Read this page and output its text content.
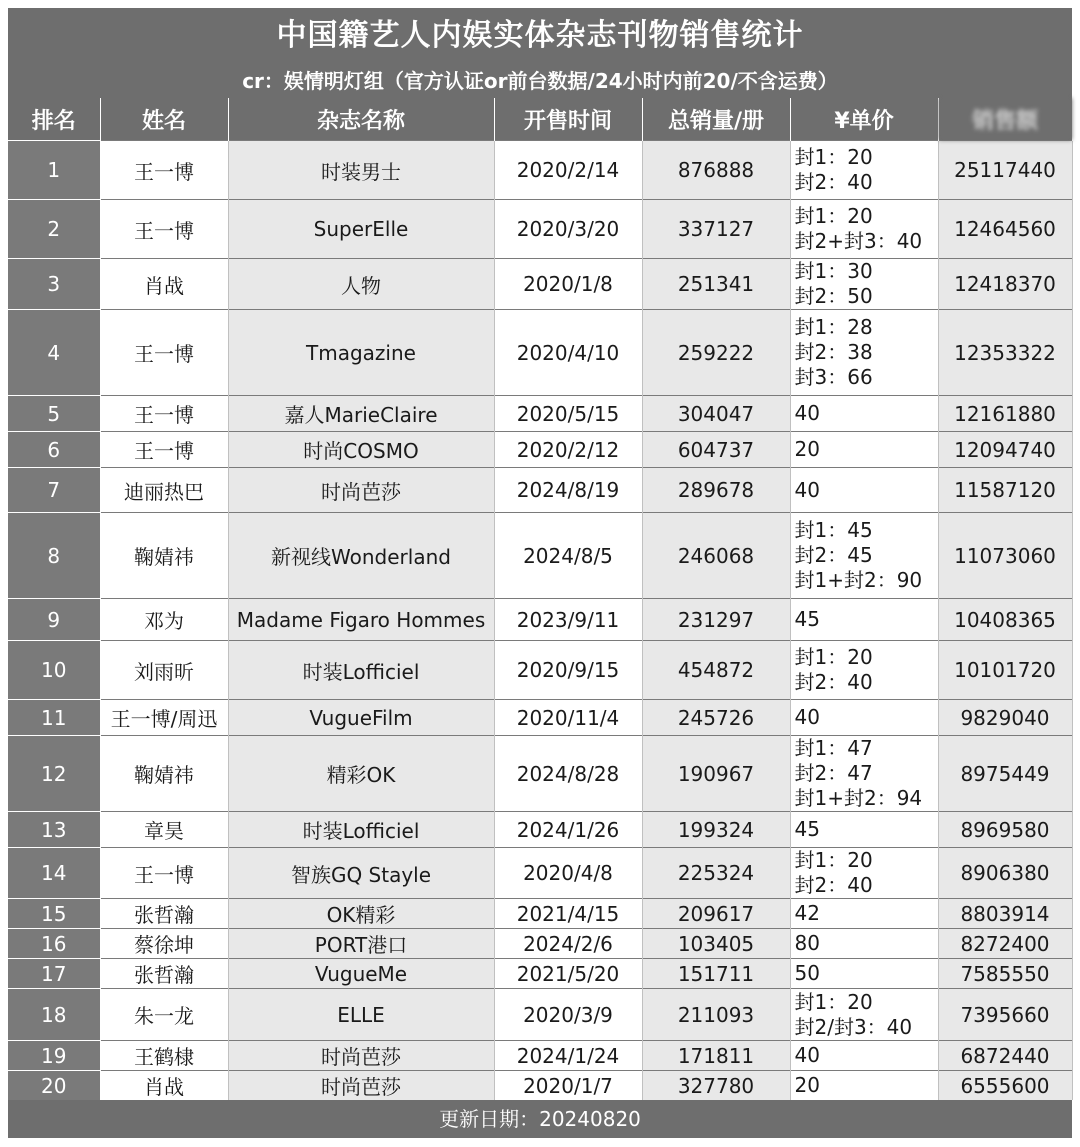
中国籍艺人内娱实体杂志刊物销售统计
cr：娱情明灯组（官方认证or前台数据/24小时内前20/不含运费）
排名	姓名	杂志名称	开售时间	总销量/册	¥单价	销售额
1	王一博	时装男士	2020/2/14	876888	封1：20
封2：40	25117440
2	王一博	SuperElle	2020/3/20	337127	封1：20
封2+封3：40	12464560
3	肖战	人物	2020/1/8	251341	封1：30
封2：50	12418370
4	王一博	Tmagazine	2020/4/10	259222	封1：28
封2：38
封3：66	12353322
5	王一博	嘉人MarieClaire	2020/5/15	304047	40	12161880
6	王一博	时尚COSMO	2020/2/12	604737	20	12094740
7	迪丽热巴	时尚芭莎	2024/8/19	289678	40	11587120
8	鞠婧祎	新视线Wonderland	2024/8/5	246068	封1：45
封2：45
封1+封2：90	11073060
9	邓为	Madame Figaro Hommes	2023/9/11	231297	45	10408365
10	刘雨昕	时装Lofficiel	2020/9/15	454872	封1：20
封2：40	10101720
11	王一博/周迅	VugueFilm	2020/11/4	245726	40	9829040
12	鞠婧祎	精彩OK	2024/8/28	190967	封1：47
封2：47
封1+封2：94	8975449
13	章昊	时装Lofficiel	2024/1/26	199324	45	8969580
14	王一博	智族GQ Stayle	2020/4/8	225324	封1：20
封2：40	8906380
15	张哲瀚	OK精彩	2021/4/15	209617	42	8803914
16	蔡徐坤	PORT港口	2024/2/6	103405	80	8272400
17	张哲瀚	VugueMe	2021/5/20	151711	50	7585550
18	朱一龙	ELLE	2020/3/9	211093	封1：20
封2/封3：40	7395660
19	王鹤棣	时尚芭莎	2024/1/24	171811	40	6872440
20	肖战	时尚芭莎	2020/1/7	327780	20	6555600
更新日期：20240820
